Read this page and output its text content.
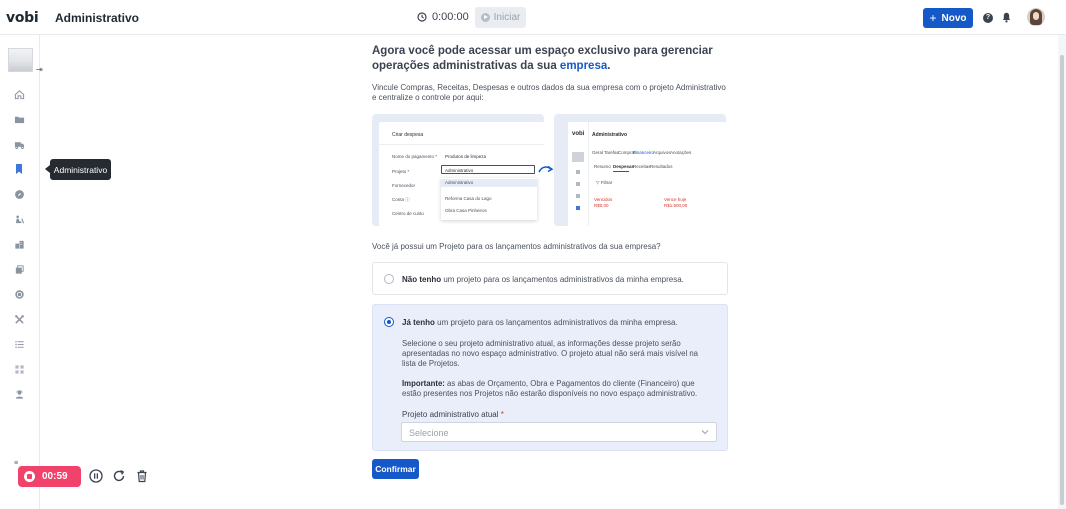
vobi Administrativo	0:00:00 Iniciar	+ Novo	?
⇥
Administrativo
Agora você pode acessar um espaço exclusivo para gerenciar operações administrativas da sua empresa.
Vincule Compras, Receitas, Despesas e outros dados da sua empresa com o projeto Administrativo e centralize o controle por aqui:
Criar despesa
Nome do pagamento * Produtos de limpeza
Projeto *	Administrativo
Fornecedor
Conta ⓘ
Centro de custo
Administrativo
Reforma Casa do Lago
Obra Casa Pinheiros
vobi Administrativo
Geral Tarefas Compras
Financeiro
Arquivos Anotações
Resumo Despesas
Receitas Resultados
▽ Filtrar
Vencidos
R$0,00
Vence hoje
R$1.500,00
Você já possui um Projeto para os lançamentos administrativos da sua empresa?
Não tenho um projeto para os lançamentos administrativos da minha empresa.
Já tenho um projeto para os lançamentos administrativos da minha empresa.
Selecione o seu projeto administrativo atual, as informações desse projeto serão apresentadas no novo espaço administrativo. O projeto atual não será mais visível na lista de Projetos.
Importante: as abas de Orçamento, Obra e Pagamentos do cliente (Financeiro) que estão presentes nos Projetos não estarão disponíveis no novo espaço administrativo.
Projeto administrativo atual *
Selecione
Confirmar
≡
00:59
